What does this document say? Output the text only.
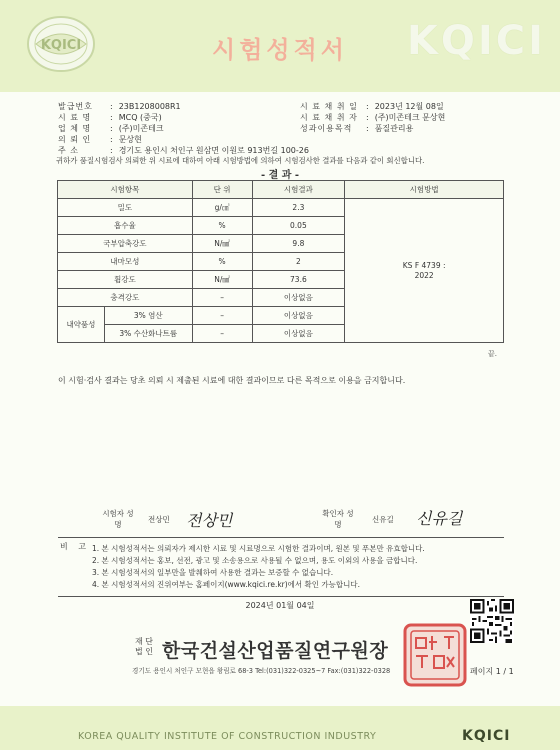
KQICI	시험성적서	KQICI
발급번호 : 23B1208008R1
시 료 명 : MCQ (중국)
업 체 명 : (주)미존테크
의 뢰 인 : 문상현
주 소	: 경기도 용인시 처인구 원삼면 이원로 913번길 100-26
시 료 채 취 일 : 2023년 12월 08일
시 료 채 취 자 : (주)미존테크 문상현
성과이용목적 : 품질관리용
귀하가 품질시험검사 의뢰한 위 시료에 대하여 아래 시험방법에 의하여 시험검사한 결과를 다음과 같이 회신합니다.
- 결 과 -
시험항목		단 위	시험결과	시험방법
밀도		g/㎤	2.3	KS F 4739 : 2022
흡수율		%	0.05	
국부압축강도		N/㎟	9.8	
내마모성		%	2	
휨강도		N/㎟	73.6	
충격강도		–	이상없음	
내약품성	3% 염산	–	이상없음	
	3% 수산화나트륨	–	이상없음	
끝.
이 시험·검사 결과는 당초 의뢰 시 제출된 시료에 대한 결과이므로 다른 목적으로 이용을 금지합니다.
시험자 성 명
전상민 전상민	확인자 성 명
신유길 신유길
비 고 1. 본 시험성적서는 의뢰자가 제시한 시료 및 시료명으로 시험한 결과이며, 원본 및 푸본만 유효합니다.
2. 본 시험성적서는 홍보, 선전, 광고 및 소송용으로 사용될 수 없으며, 용도 이외의 사용을 금합니다.
3. 본 시험성적서의 일부만을 발췌하여 사용한 결과는 보증할 수 없습니다.
4. 본 시험성적서의 진위여부는 홈페이지(www.kqici.re.kr)에서 확인 가능합니다.
2024년 01월 04일
재 단 법 인 한국건설산업품질연구원장
경기도 용인시 처인구 모현읍 왕림로 68-3 Tel:(031)322-0325~7 Fax:(031)322-0328	페이지 1 / 1
KOREA QUALITY INSTITUTE OF CONSTRUCTION INDUSTRY	KQICI
